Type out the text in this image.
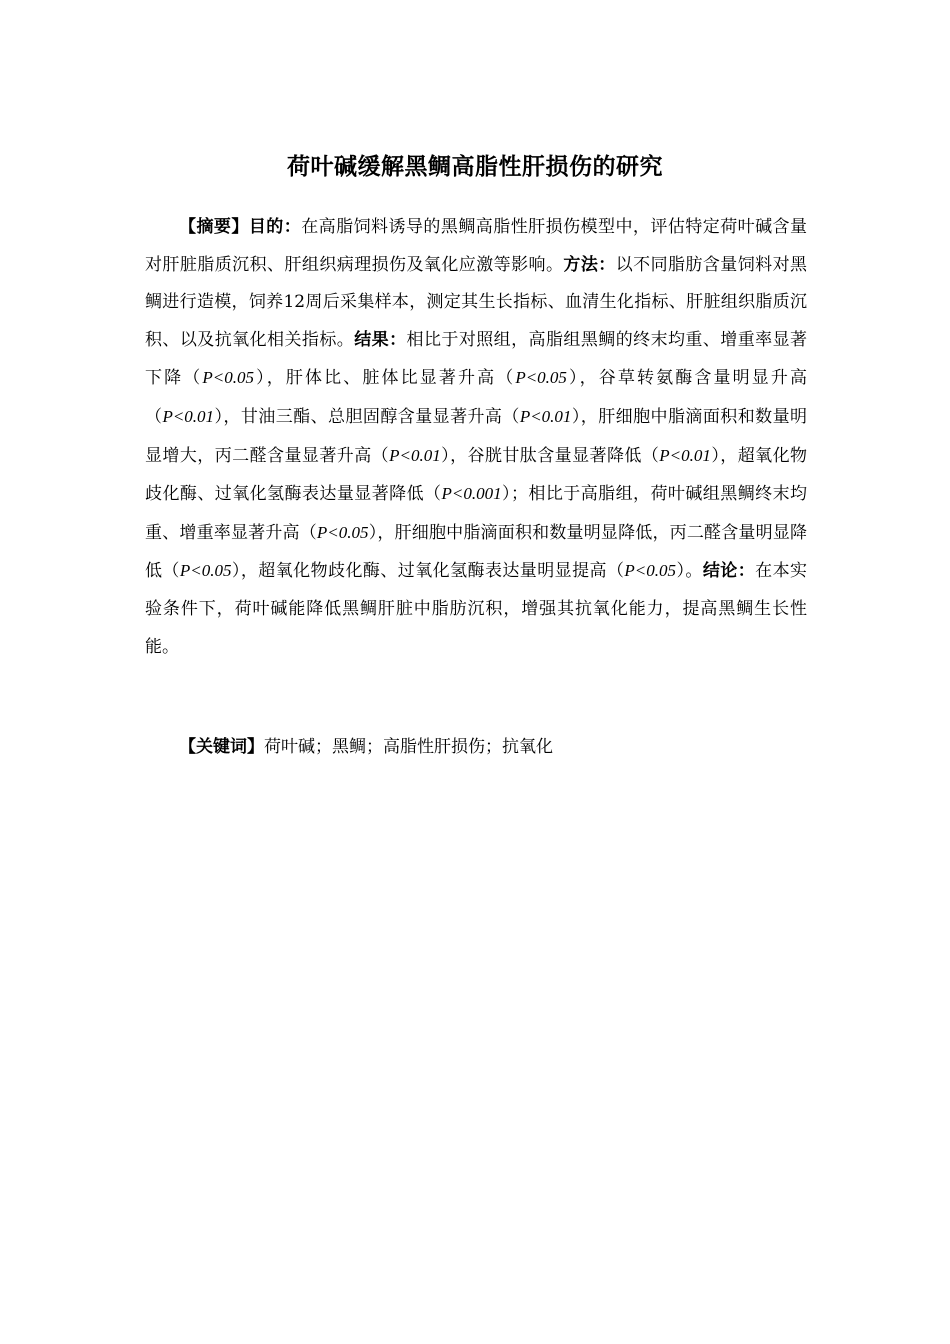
荷叶碱缓解黑鲷高脂性肝损伤的研究

【摘要】目的：在高脂饲料诱导的黑鲷高脂性肝损伤模型中，评估特定荷叶碱含量对肝脏脂质沉积、肝组织病理损伤及氧化应激等影响。方法：以不同脂肪含量饲料对黑鲷进行造模，饲养12周后采集样本，测定其生长指标、血清生化指标、肝脏组织脂质沉积、以及抗氧化相关指标。结果：相比于对照组，高脂组黑鲷的终末均重、增重率显著下降（P<0.05），肝体比、脏体比显著升高（P<0.05），谷草转氨酶含量明显升高（P<0.01），甘油三酯、总胆固醇含量显著升高（P<0.01），肝细胞中脂滴面积和数量明显增大，丙二醛含量显著升高（P<0.01），谷胱甘肽含量显著降低（P<0.01），超氧化物歧化酶、过氧化氢酶表达量显著降低（P<0.001）；相比于高脂组，荷叶碱组黑鲷终末均重、增重率显著升高（P<0.05），肝细胞中脂滴面积和数量明显降低，丙二醛含量明显降低（P<0.05），超氧化物歧化酶、过氧化氢酶表达量明显提高（P<0.05）。结论：在本实验条件下，荷叶碱能降低黑鲷肝脏中脂肪沉积，增强其抗氧化能力，提高黑鲷生长性能。

【关键词】荷叶碱；黑鲷；高脂性肝损伤；抗氧化
